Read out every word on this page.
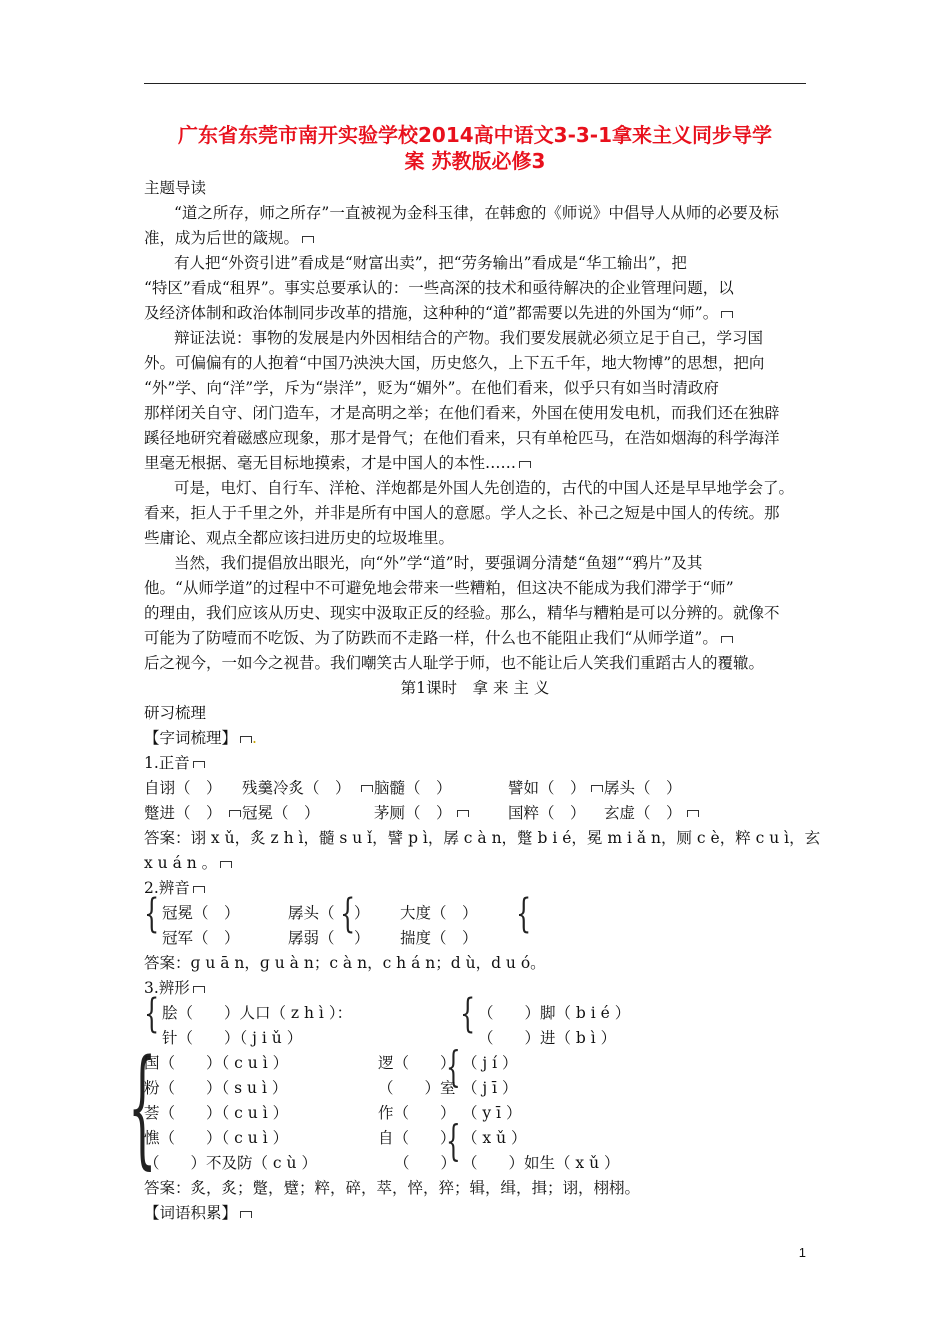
广东省东莞市南开实验学校2014高中语文3-3-1拿来主义同步导学
案 苏教版必修3
主题导读
“道之所存，师之所存”一直被视为金科玉律，在韩愈的《师说》中倡导人从师的必要及标
准，成为后世的箴规。
有人把“外资引进”看成是“财富出卖”，把“劳务输出”看成是“华工输出”，把
“特区”看成“租界”。事实总要承认的：一些高深的技术和亟待解决的企业管理问题，以
及经济体制和政治体制同步改革的措施，这种种的“道”都需要以先进的外国为“师”。
辩证法说：事物的发展是内外因相结合的产物。我们要发展就必须立足于自己，学习国
外。可偏偏有的人抱着“中国乃泱泱大国，历史悠久，上下五千年，地大物博”的思想，把向
“外”学、向“洋”学，斥为“崇洋”，贬为“媚外”。在他们看来，似乎只有如当时清政府
那样闭关自守、闭门造车，才是高明之举；在他们看来，外国在使用发电机，而我们还在独辟
蹊径地研究着磁感应现象，那才是骨气；在他们看来，只有单枪匹马，在浩如烟海的科学海洋
里毫无根据、毫无目标地摸索，才是中国人的本性……
可是，电灯、自行车、洋枪、洋炮都是外国人先创造的，古代的中国人还是早早地学会了。
看来，拒人于千里之外，并非是所有中国人的意愿。学人之长、补己之短是中国人的传统。那
些庸论、观点全都应该扫进历史的垃圾堆里。
当然，我们提倡放出眼光，向“外”学“道”时，要强调分清楚“鱼翅”“鸦片”及其
他。“从师学道”的过程中不可避免地会带来一些糟粕，但这决不能成为我们滞学于“师”
的理由，我们应该从历史、现实中汲取正反的经验。那么，精华与糟粕是可以分辨的。就像不
可能为了防噎而不吃饭、为了防跌而不走路一样，什么也不能阻止我们“从师学道”。
后之视今，一如今之视昔。我们嘲笑古人耻学于师，也不能让后人笑我们重蹈古人的覆辙。
第1课时　拿 来 主 义
研习梳理
【字词梳理】 .
1.正音
自诩（　） 残羹冷炙（　） 脑髓（　）	譬如（　） 孱头（　）
蹩进（　） 冠冕（　）	茅厕（　）	国粹（　） 玄虚（　）
答案：诩 x ǔ，炙 z h ì，髓 s u ǐ，譬 p ì，孱 c à n，蹩 b i é，冕 m i ǎ n，厕 c è，粹 c u ì，玄
x u á n 。
2.辨音
{	{	{
冠冕（　）	孱头（ ） 大度（　）
冠军（　）	孱弱（ ） 揣度（　）
答案：ɡ u ā n，ɡ u à n；c à n，c h á n；d ù，d u ó。
3.辨形
{	{
脍（　　）人口（ z h ì ）：	（　　）脚（ b i é ）
针（　　）（ j i ǔ ）	（　　）进（ b ì ）
{	{
{
国（　　）（ c u ì ）	逻（　　） （ j í ）
粉（　　）（ s u ì ）	（　　）室 （ j ī ）
荟（　　）（ c u ì ）	作（　　） （ y ī ）
憔（　　）（ c u ì ）	自（　　） （ x ǔ ）
（　　）不及防（ c ù ）	（　　） （　　）如生（ x ǔ ）
答案：炙，炙；蹩，躄；粹，碎，萃，悴，猝；辑，缉，揖；诩，栩栩。
【词语积累】
1
